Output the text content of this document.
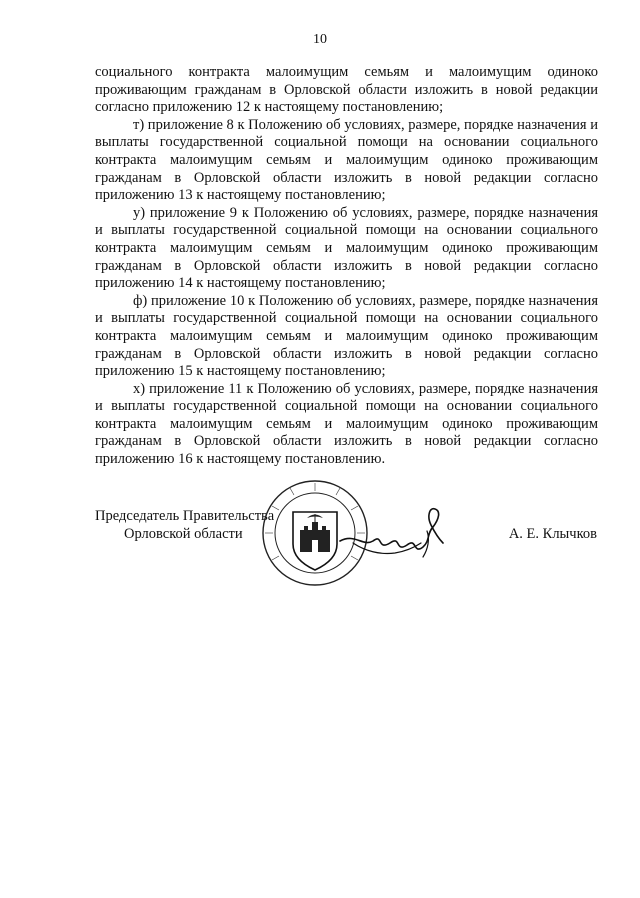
10

социального контракта малоимущим семьям и малоимущим одиноко проживающим гражданам в Орловской области изложить в новой редакции согласно приложению 12 к настоящему постановлению;

т) приложение 8 к Положению об условиях, размере, порядке назначения и выплаты государственной социальной помощи на основании социального контракта малоимущим семьям и малоимущим одиноко проживающим гражданам в Орловской области изложить в новой редакции согласно приложению 13 к настоящему постановлению;

у) приложение 9 к Положению об условиях, размере, порядке назначения и выплаты государственной социальной помощи на основании социального контракта малоимущим семьям и малоимущим одиноко проживающим гражданам в Орловской области изложить в новой редакции согласно приложению 14 к настоящему постановлению;

ф) приложение 10 к Положению об условиях, размере, порядке назначения и выплаты государственной социальной помощи на основании социального контракта малоимущим семьям и малоимущим одиноко проживающим гражданам в Орловской области изложить в новой редакции согласно приложению 15 к настоящему постановлению;

х) приложение 11 к Положению об условиях, размере, порядке назначения и выплаты государственной социальной помощи на основании социального контракта малоимущим семьям и малоимущим одиноко проживающим гражданам в Орловской области изложить в новой редакции согласно приложению 16 к настоящему постановлению.

Председатель Правительства
Орловской области	А. Е. Клычков
